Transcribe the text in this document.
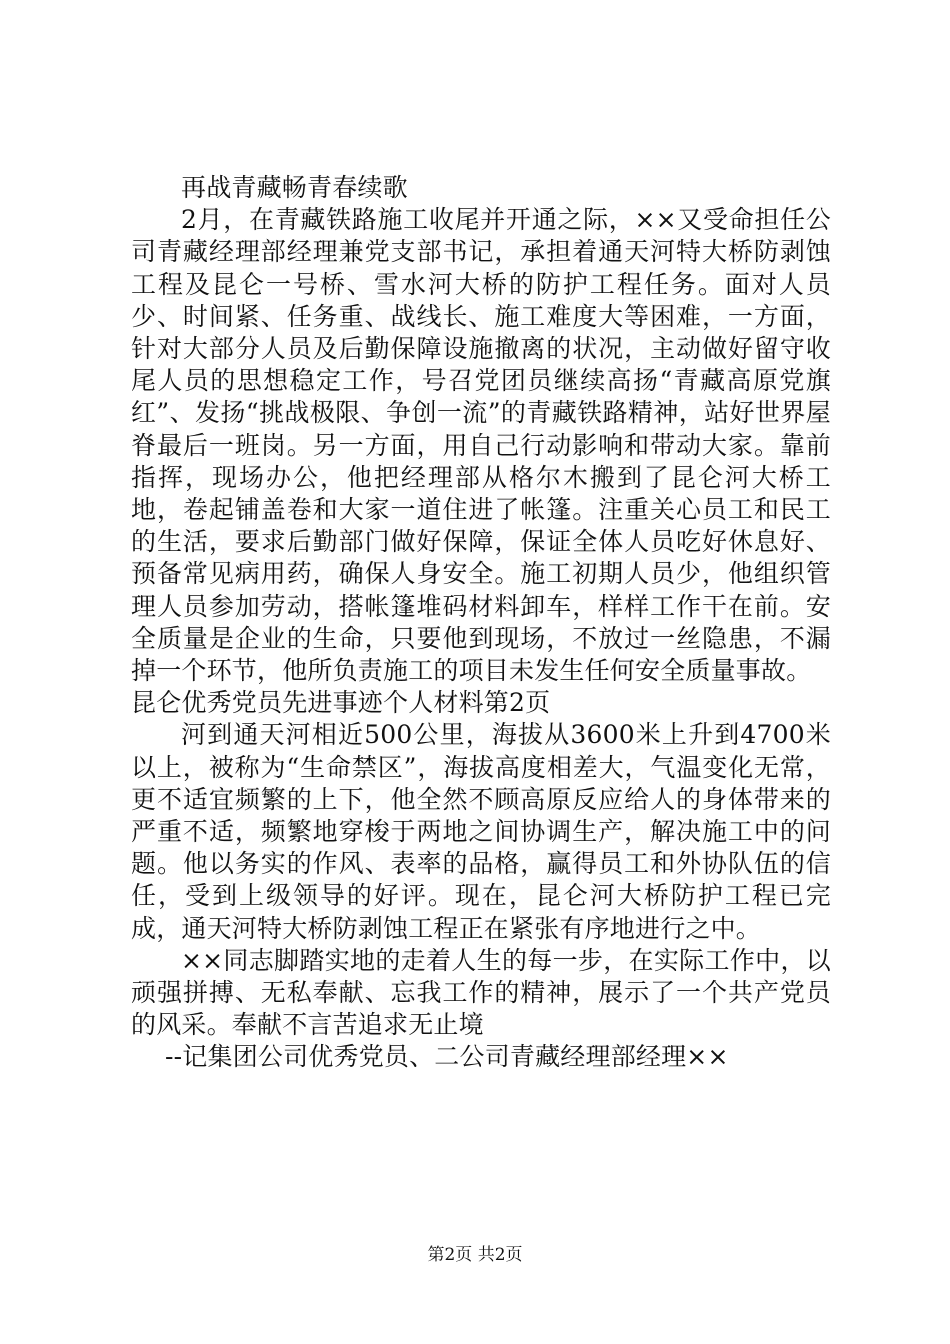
再战青藏畅青春续歌

2月，在青藏铁路施工收尾并开通之际，××又受命担任公司青藏经理部经理兼党支部书记，承担着通天河特大桥防剥蚀工程及昆仑一号桥、雪水河大桥的防护工程任务。面对人员少、时间紧、任务重、战线长、施工难度大等困难，一方面，针对大部分人员及后勤保障设施撤离的状况，主动做好留守收尾人员的思想稳定工作，号召党团员继续高扬“青藏高原党旗红”、发扬“挑战极限、争创一流”的青藏铁路精神，站好世界屋脊最后一班岗。另一方面，用自己行动影响和带动大家。靠前指挥，现场办公，他把经理部从格尔木搬到了昆仑河大桥工地，卷起铺盖卷和大家一道住进了帐篷。注重关心员工和民工的生活，要求后勤部门做好保障，保证全体人员吃好休息好、预备常见病用药，确保人身安全。施工初期人员少，他组织管理人员参加劳动，搭帐篷堆码材料卸车，样样工作干在前。安全质量是企业的生命，只要他到现场，不放过一丝隐患，不漏掉一个环节，他所负责施工的项目未发生任何安全质量事故。

昆仑优秀党员先进事迹个人材料第2页

河到通天河相近500公里，海拔从3600米上升到4700米以上，被称为“生命禁区”，海拔高度相差大，气温变化无常，更不适宜频繁的上下，他全然不顾高原反应给人的身体带来的严重不适，频繁地穿梭于两地之间协调生产，解决施工中的问题。他以务实的作风、表率的品格，赢得员工和外协队伍的信任，受到上级领导的好评。现在，昆仑河大桥防护工程已完成，通天河特大桥防剥蚀工程正在紧张有序地进行之中。

××同志脚踏实地的走着人生的每一步，在实际工作中，以顽强拼搏、无私奉献、忘我工作的精神，展示了一个共产党员的风采。奉献不言苦追求无止境

--记集团公司优秀党员、二公司青藏经理部经理××

第2页 共2页
